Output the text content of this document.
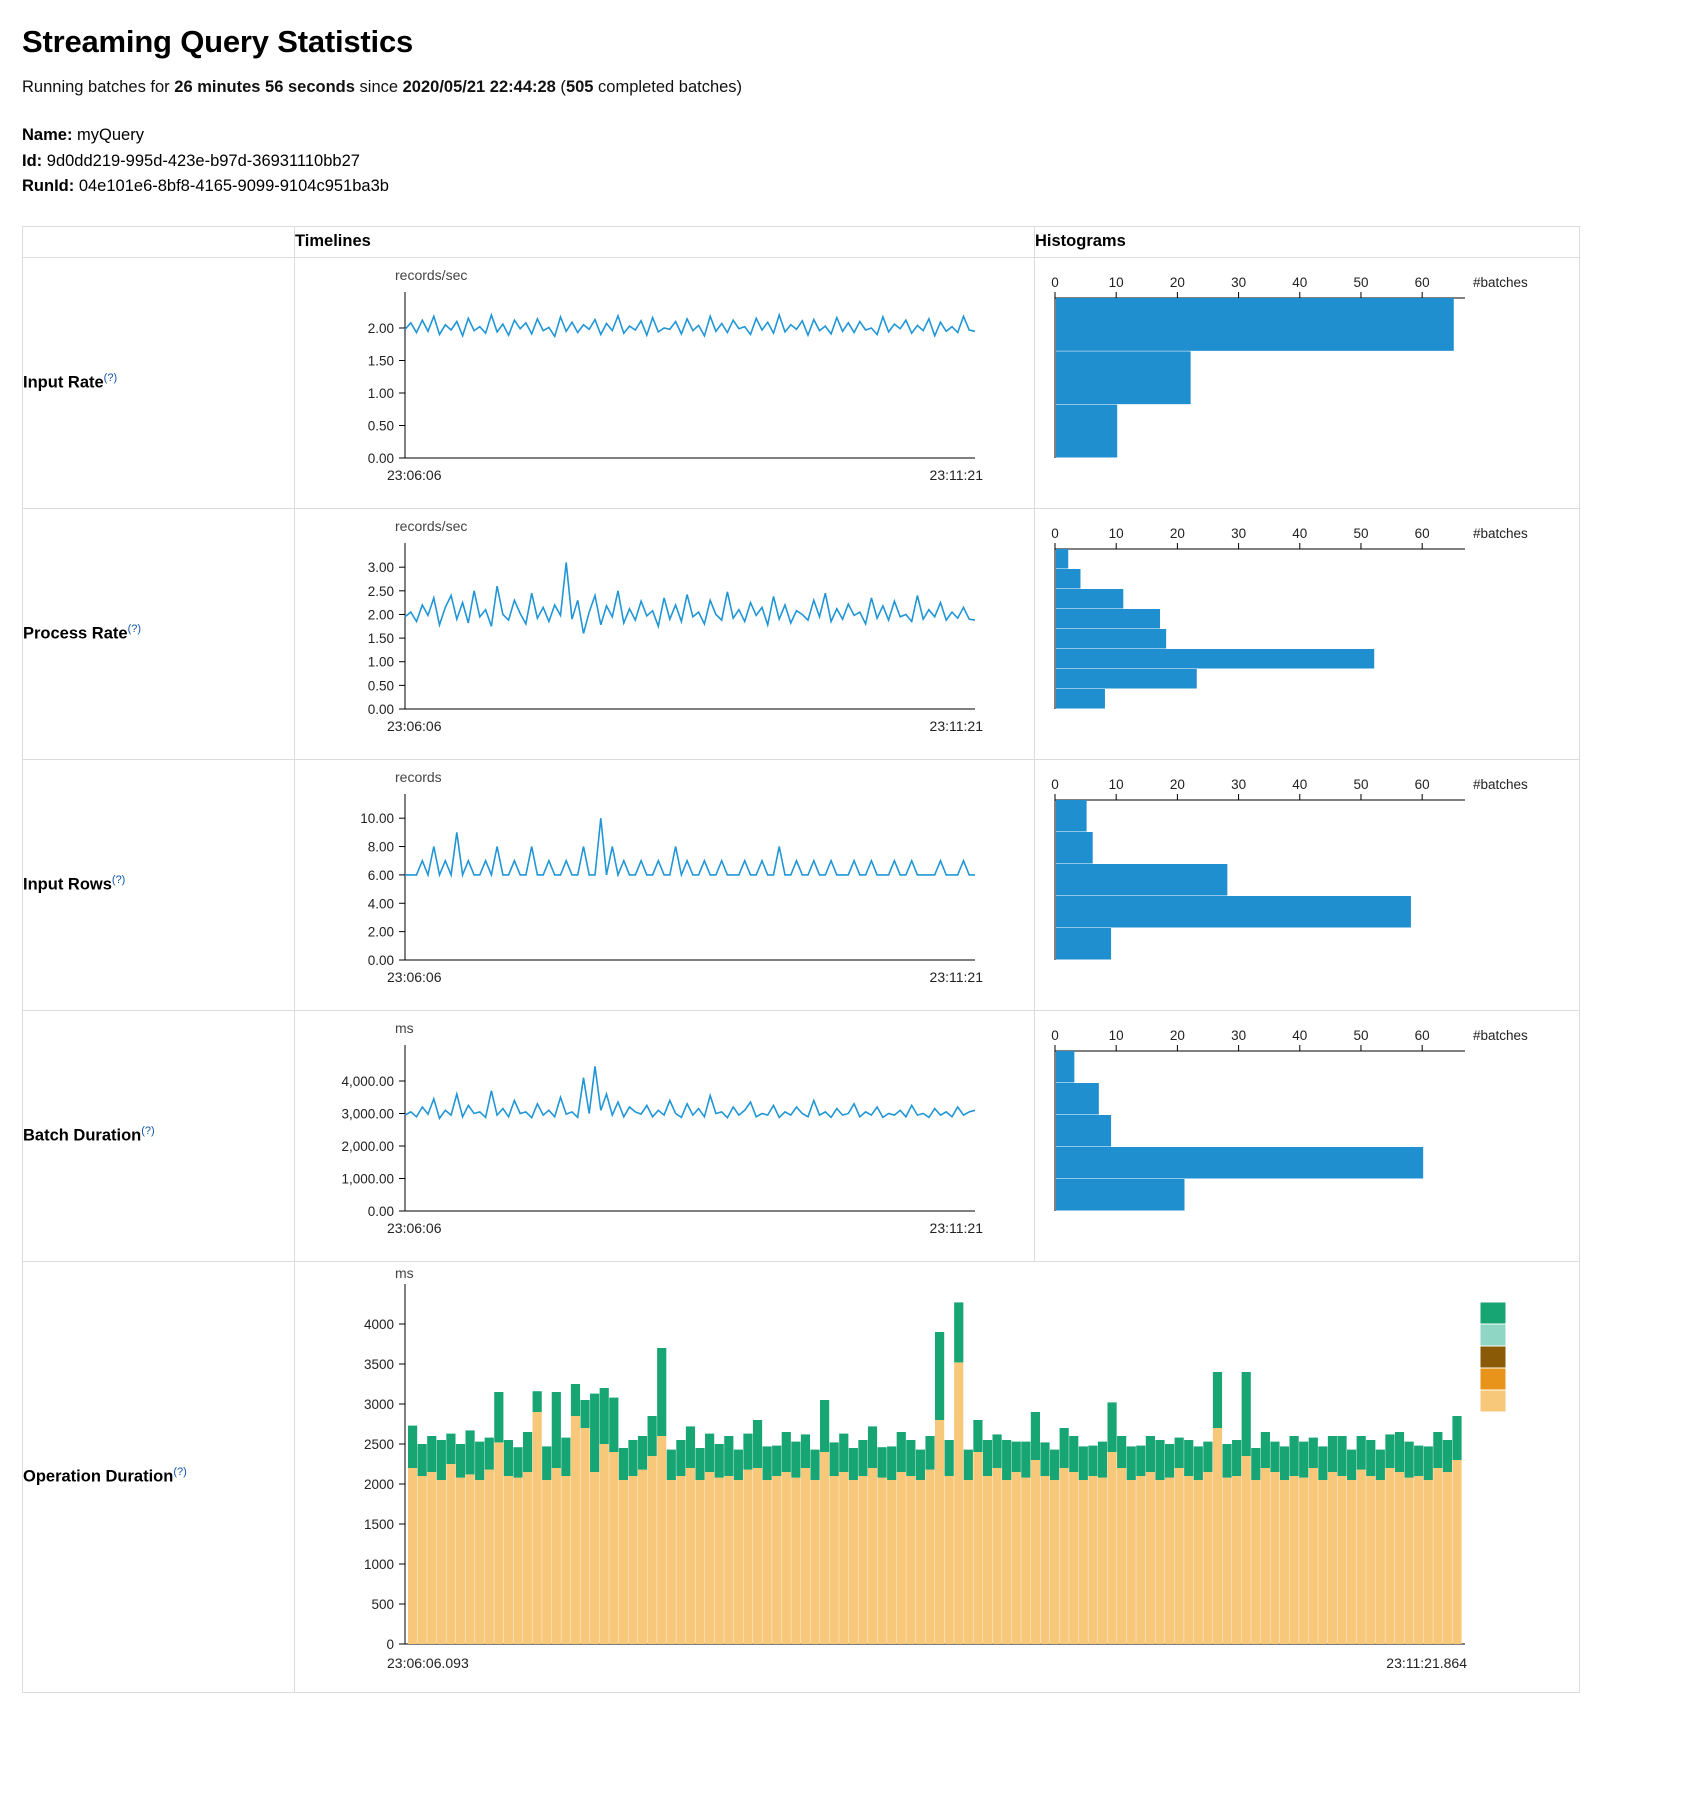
Streaming Query Statistics
Running batches for 26 minutes 56 seconds since 2020/05/21 22:44:28 (505 completed batches)
Name: myQuery
Id: 9d0dd219-995d-423e-b97d-36931110bb27
RunId: 04e101e6-8bf8-4165-9099-9104c951ba3b
	Timelines	Histograms
Input Rate(?)	
records/sec
0.00
0.50
1.00
1.50
2.00
23:06:06	23:11:21

0	10	20	30	40	50	60	#batches

Process Rate(?)	
records/sec
0.00
0.50
1.00
1.50
2.00
2.50
3.00
23:06:06	23:11:21

0	10	20	30	40	50	60	#batches

Input Rows(?)	
records
0.00
2.00
4.00
6.00
8.00
10.00
23:06:06	23:11:21

0	10	20	30	40	50	60	#batches

Batch Duration(?)	
ms
0.00
1,000.00
2,000.00
3,000.00
4,000.00
23:06:06	23:11:21

0	10	20	30	40	50	60	#batches

Operation Duration(?)	
ms
0
500
1000
1500
2000
2500
3000
3500
4000
23:06:06.093	23:11:21.864
